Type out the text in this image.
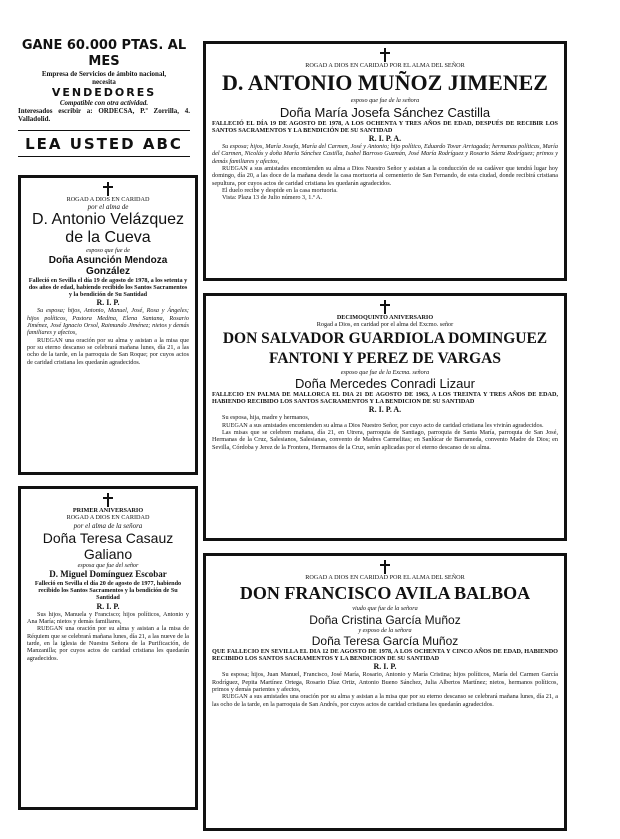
GANE 60.000 PTAS. AL MES
Empresa de Servicios de ámbito nacional,
necesita
VENDEDORES
Compatible con otra actividad.
Interesados escribir a: ORDECSA, P.º Zorrilla, 4. Valladolid.
LEA USTED ABC
ROGAD A DIOS EN CARIDAD
por el alma de
D. Antonio Velázquez de la Cueva
esposo que fue de
Doña Asunción Mendoza González

Falleció en Sevilla el día 19 de agosto de 1978, a los setenta y dos años de edad, habiendo recibido los Santos Sacramentos y la bendición de Su Santidad

R. I. P.

Su esposa; hijos, Antonio, Manuel, José, Rosa y Ángeles; hijos políticos, Pastora Medina, Elena Santana, Rosario Jiménez, José Ignacio Orsol, Raimundo Jiménez; nietos y demás familiares y afectos,

RUEGAN una oración por su alma y asistan a la misa que por su eterno descanso se celebrará mañana lunes, día 21, a las ocho de la tarde, en la parroquia de San Roque; por cuyos actos de caridad cristiana les quedarán agradecidos.

PRIMER ANIVERSARIO
ROGAD A DIOS EN CARIDAD
por el alma de la señora
Doña Teresa Casauz Galiano
esposa que fue del señor
D. Miguel Domínguez Escobar

Falleció en Sevilla el día 20 de agosto de 1977, habiendo recibido los Santos Sacramentos y la bendición de Su Santidad

R. I. P.

Sus hijos, Manuela y Francisco; hijos políticos, Antonio y Ana María; nietos y demás familiares,

RUEGAN una oración por su alma y asistan a la misa de Réquiem que se celebrará mañana lunes, día 21, a las nueve de la tarde, en la iglesia de Nuestra Señora de la Purificación, de Manzanilla; por cuyos actos de caridad cristiana les quedarán agradecidos.

ROGAD A DIOS EN CARIDAD POR EL ALMA DEL SEÑOR
D. ANTONIO MUÑOZ JIMENEZ
esposo que fue de la señora
Doña María Josefa Sánchez Castilla

FALLECIÓ EL DÍA 19 DE AGOSTO DE 1978, A LOS OCHENTA Y TRES AÑOS DE EDAD, DESPUÉS DE RECIBIR LOS SANTOS SACRAMENTOS Y LA BENDICIÓN DE SU SANTIDAD

R. I. P. A.

Su esposa; hijos, María Josefa, María del Carmen, José y Antonio; hijo político, Eduardo Tovar Arriagada; hermanas políticas, María del Carmen, Nicolás y doña María Sánchez Castilla, Isabel Barroso Guzmán, José María Rodríguez y Rosario Sáenz Rodríguez; primos y demás familiares y afectos,

RUEGAN a sus amistades encomienden su alma a Dios Nuestro Señor y asistan a la conducción de su cadáver que tendrá lugar hoy domingo, día 20, a las doce de la mañana desde la casa mortuoria al cementerio de San Fernando, de esta ciudad, donde recibirá cristiana sepultura, por cuyos actos de caridad cristiana les quedarán agradecidos.

El duelo recibe y despide en la casa mortuoria.

Vista: Plaza 13 de Julio número 3, 1.º A.

DECIMOQUINTO ANIVERSARIO
Rogad a Dios, en caridad por el alma del Excmo. señor
DON SALVADOR GUARDIOLA DOMINGUEZ
FANTONI Y PEREZ DE VARGAS
esposo que fue de la Excma. señora
Doña Mercedes Conradi Lizaur

FALLECIO EN PALMA DE MALLORCA EL DIA 21 DE AGOSTO DE 1963, A LOS TREINTA Y TRES AÑOS DE EDAD, HABIENDO RECIBIDO LOS SANTOS SACRAMENTOS Y LA BENDICION DE SU SANTIDAD

R. I. P. A.

Su esposa, hija, madre y hermanos,

RUEGAN a sus amistades encomienden su alma a Dios Nuestro Señor, por cuyo acto de caridad cristiana les vivirán agradecidos.

Las misas que se celebren mañana, día 21, en Utrera, parroquia de Santiago, parroquia de Santa María, parroquia de San José, Hermanas de la Cruz, Salesianos, Salesianas, convento de Madres Carmelitas; en Sanlúcar de Barrameda, convento Madre de Dios; en Sevilla, Córdoba y Jerez de la Frontera, Hermanos de la Cruz, serán aplicadas por el eterno descanso de su alma.

ROGAD A DIOS EN CARIDAD POR EL ALMA DEL SEÑOR
DON FRANCISCO AVILA BALBOA
viudo que fue de la señora
Doña Cristina García Muñoz
y esposo de la señora
Doña Teresa García Muñoz

QUE FALLECIO EN SEVILLA EL DIA 12 DE AGOSTO DE 1978, A LOS OCHENTA Y CINCO AÑOS DE EDAD, HABIENDO RECIBIDO LOS SANTOS SACRAMENTOS Y LA BENDICION DE SU SANTIDAD

R. I. P.

Su esposa; hijos, Juan Manuel, Francisco, José María, Rosario, Antonio y María Cristina; hijos políticos, María del Carmen García Rodríguez, Pepita Martínez Ortega, Rosario Díaz Ortiz, Antonio Bueno Sánchez, Julia Albertos Martínez; nietos, hermanos políticos, primos y demás parientes y afectos,

RUEGAN a sus amistades una oración por su alma y asistan a la misa que por su eterno descanso se celebrará mañana lunes, día 21, a las ocho de la tarde, en la parroquia de San Andrés, por cuyos actos de caridad cristiana les quedarán agradecidos.
